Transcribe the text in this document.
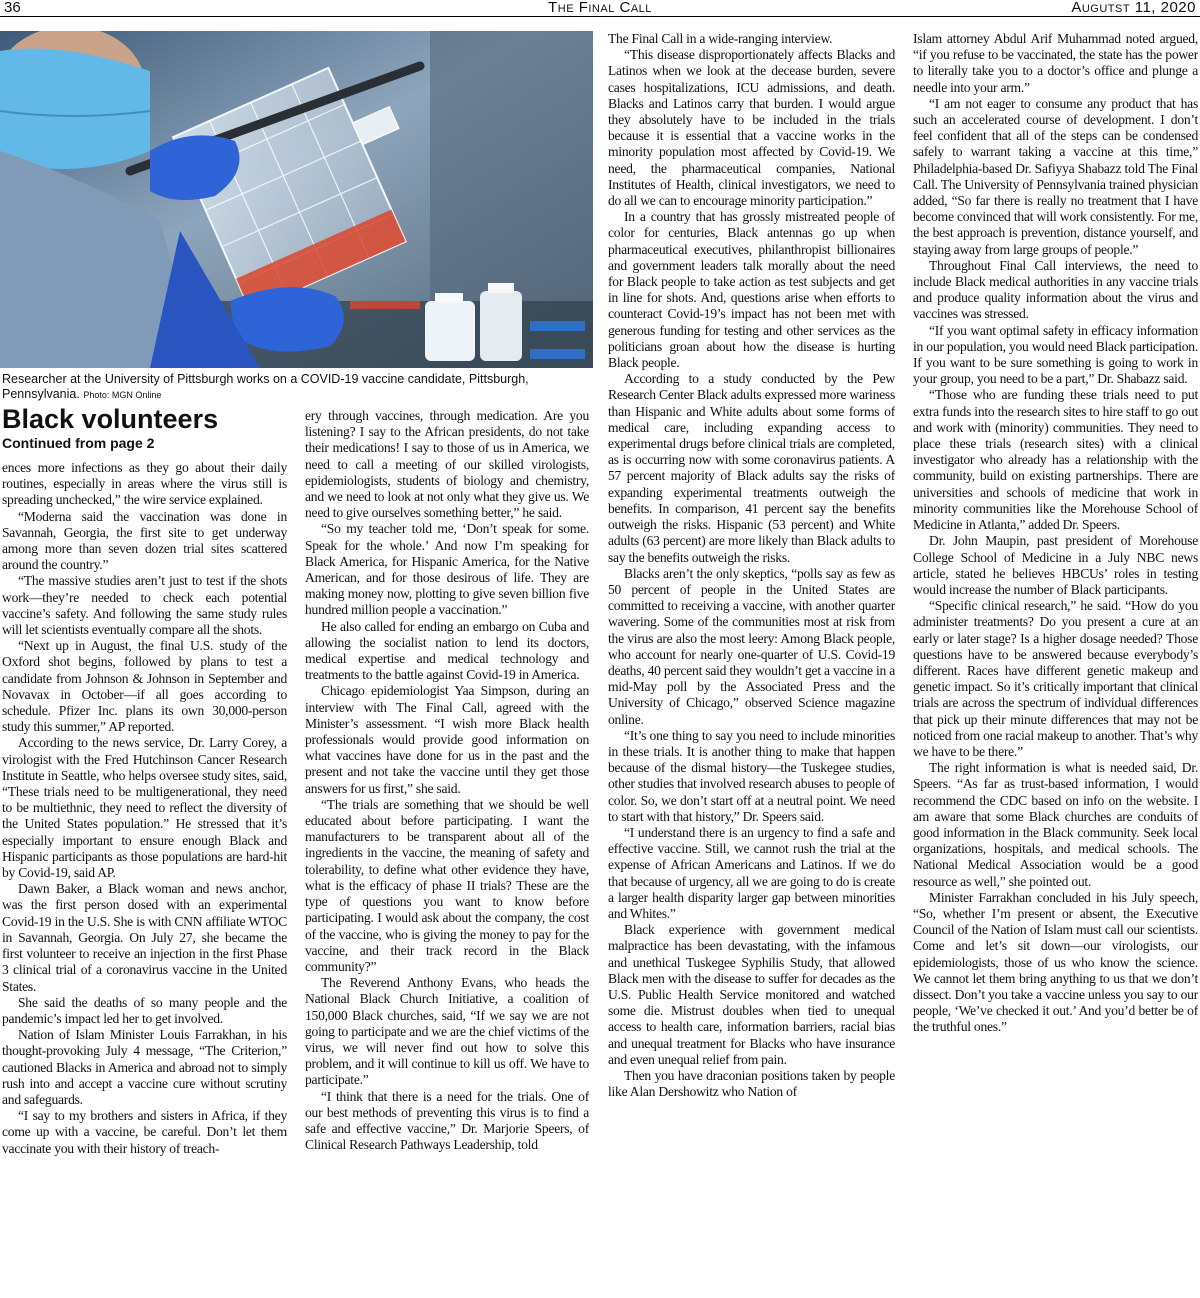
36	The Final Call	Augutst 11, 2020
Researcher at the University of Pittsburgh works on a COVID-19 vaccine candidate, Pittsburgh, Pennsylvania. Photo: MGN Online
Black volunteers
Continued from page 2

ences more infections as they go about their daily routines, especially in areas where the virus still is spreading unchecked,” the wire service explained.

“Moderna said the vaccination was done in Savannah, Georgia, the first site to get underway among more than seven dozen trial sites scattered around the country.”

“The massive studies aren’t just to test if the shots work—they’re needed to check each potential vaccine’s safety. And following the same study rules will let scientists eventually compare all the shots.

“Next up in August, the final U.S. study of the Oxford shot begins, followed by plans to test a candidate from Johnson & Johnson in September and Novavax in October—if all goes according to schedule. Pfizer Inc. plans its own 30,000-person study this summer,” AP reported.

According to the news service, Dr. Larry Corey, a virologist with the Fred Hutchinson Cancer Research Institute in Seattle, who helps oversee study sites, said, “These trials need to be multigenerational, they need to be multiethnic, they need to reflect the diversity of the United States population.” He stressed that it’s especially important to ensure enough Black and Hispanic participants as those populations are hard-hit by Covid-19, said AP.

Dawn Baker, a Black woman and news anchor, was the first person dosed with an experimental Covid-19 in the U.S. She is with CNN affiliate WTOC in Savannah, Georgia. On July 27, she became the first volunteer to receive an injection in the first Phase 3 clinical trial of a coronavirus vaccine in the United States.

She said the deaths of so many people and the pandemic’s impact led her to get involved.

Nation of Islam Minister Louis Farrakhan, in his thought-provoking July 4 message, “The Criterion,” cautioned Blacks in America and abroad not to simply rush into and accept a vaccine cure without scrutiny and safeguards.

“I say to my brothers and sisters in Africa, if they come up with a vaccine, be careful. Don’t let them vaccinate you with their history of treach-

ery through vaccines, through medication. Are you listening? I say to the African presidents, do not take their medications! I say to those of us in America, we need to call a meeting of our skilled virologists, epidemiologists, students of biology and chemistry, and we need to look at not only what they give us. We need to give ourselves something better,” he said.

“So my teacher told me, ‘Don’t speak for some. Speak for the whole.’ And now I’m speaking for Black America, for Hispanic America, for the Native American, and for those desirous of life. They are making money now, plotting to give seven billion five hundred million people a vaccination.”

He also called for ending an embargo on Cuba and allowing the socialist nation to lend its doctors, medical expertise and medical technology and treatments to the battle against Covid-19 in America.

Chicago epidemiologist Yaa Simpson, during an interview with The Final Call, agreed with the Minister’s assessment. “I wish more Black health professionals would provide good information on what vaccines have done for us in the past and the present and not take the vaccine until they get those answers for us first,” she said.

“The trials are something that we should be well educated about before participating. I want the manufacturers to be transparent about all of the ingredients in the vaccine, the meaning of safety and tolerability, to define what other evidence they have, what is the efficacy of phase II trials? These are the type of questions you want to know before participating. I would ask about the company, the cost of the vaccine, who is giving the money to pay for the vaccine, and their track record in the Black community?”

The Reverend Anthony Evans, who heads the National Black Church Initiative, a coalition of 150,000 Black churches, said, “If we say we are not going to participate and we are the chief victims of the virus, we will never find out how to solve this problem, and it will continue to kill us off. We have to participate.”

“I think that there is a need for the trials. One of our best methods of preventing this virus is to find a safe and effective vaccine,” Dr. Marjorie Speers, of Clinical Research Pathways Leadership, told

The Final Call in a wide-ranging interview.

“This disease disproportionately affects Blacks and Latinos when we look at the decease burden, severe cases hospitalizations, ICU admissions, and death. Blacks and Latinos carry that burden. I would argue they absolutely have to be included in the trials because it is essential that a vaccine works in the minority population most affected by Covid-19. We need, the pharmaceutical companies, National Institutes of Health, clinical investigators, we need to do all we can to encourage minority participation.”

In a country that has grossly mistreated people of color for centuries, Black antennas go up when pharmaceutical executives, philanthropist billionaires and government leaders talk morally about the need for Black people to take action as test subjects and get in line for shots. And, questions arise when efforts to counteract Covid-19’s impact has not been met with generous funding for testing and other services as the politicians groan about how the disease is hurting Black people.

According to a study conducted by the Pew Research Center Black adults expressed more wariness than Hispanic and White adults about some forms of medical care, including expanding access to experimental drugs before clinical trials are completed, as is occurring now with some coronavirus patients. A 57 percent majority of Black adults say the risks of expanding experimental treatments outweigh the benefits. In comparison, 41 percent say the benefits outweigh the risks. Hispanic (53 percent) and White adults (63 percent) are more likely than Black adults to say the benefits outweigh the risks.

Blacks aren’t the only skeptics, “polls say as few as 50 percent of people in the United States are committed to receiving a vaccine, with another quarter wavering. Some of the communities most at risk from the virus are also the most leery: Among Black people, who account for nearly one-quarter of U.S. Covid-19 deaths, 40 percent said they wouldn’t get a vaccine in a mid-May poll by the Associated Press and the University of Chicago,” observed Science magazine online.

“It’s one thing to say you need to include minorities in these trials. It is another thing to make that happen because of the dismal history—the Tuskegee studies, other studies that involved research abuses to people of color. So, we don’t start off at a neutral point. We need to start with that history,” Dr. Speers said.

“I understand there is an urgency to find a safe and effective vaccine. Still, we cannot rush the trial at the expense of African Americans and Latinos. If we do that because of urgency, all we are going to do is create a larger health disparity larger gap between minorities and Whites.”

Black experience with government medical malpractice has been devastating, with the infamous and unethical Tuskegee Syphilis Study, that allowed Black men with the disease to suffer for decades as the U.S. Public Health Service monitored and watched some die. Mistrust doubles when tied to unequal access to health care, information barriers, racial bias and unequal treatment for Blacks who have insurance and even unequal relief from pain.

Then you have draconian positions taken by people like Alan Dershowitz who Nation of

Islam attorney Abdul Arif Muhammad noted argued, “if you refuse to be vaccinated, the state has the power to literally take you to a doctor’s office and plunge a needle into your arm.”

“I am not eager to consume any product that has such an accelerated course of development. I don’t feel confident that all of the steps can be condensed safely to warrant taking a vaccine at this time,” Philadelphia-based Dr. Safiyya Shabazz told The Final Call. The University of Pennsylvania trained physician added, “So far there is really no treatment that I have become convinced that will work consistently. For me, the best approach is prevention, distance yourself, and staying away from large groups of people.”

Throughout Final Call interviews, the need to include Black medical authorities in any vaccine trials and produce quality information about the virus and vaccines was stressed.

“If you want optimal safety in efficacy information in our population, you would need Black participation. If you want to be sure something is going to work in your group, you need to be a part,” Dr. Shabazz said.

“Those who are funding these trials need to put extra funds into the research sites to hire staff to go out and work with (minority) communities. They need to place these trials (research sites) with a clinical investigator who already has a relationship with the community, build on existing partnerships. There are universities and schools of medicine that work in minority communities like the Morehouse School of Medicine in Atlanta,” added Dr. Speers.

Dr. John Maupin, past president of Morehouse College School of Medicine in a July NBC news article, stated he believes HBCUs’ roles in testing would increase the number of Black participants.

“Specific clinical research,” he said. “How do you administer treatments? Do you present a cure at an early or later stage? Is a higher dosage needed? Those questions have to be answered because everybody’s different. Races have different genetic makeup and genetic impact. So it’s critically important that clinical trials are across the spectrum of individual differences that pick up their minute differences that may not be noticed from one racial makeup to another. That’s why we have to be there.”

The right information is what is needed said, Dr. Speers. “As far as trust-based information, I would recommend the CDC based on info on the website. I am aware that some Black churches are conduits of good information in the Black community. Seek local organizations, hospitals, and medical schools. The National Medical Association would be a good resource as well,” she pointed out.

Minister Farrakhan concluded in his July speech, “So, whether I’m present or absent, the Executive Council of the Nation of Islam must call our scientists. Come and let’s sit down—our virologists, our epidemiologists, those of us who know the science. We cannot let them bring anything to us that we don’t dissect. Don’t you take a vaccine unless you say to our people, ‘We’ve checked it out.’ And you’d better be of the truthful ones.”
